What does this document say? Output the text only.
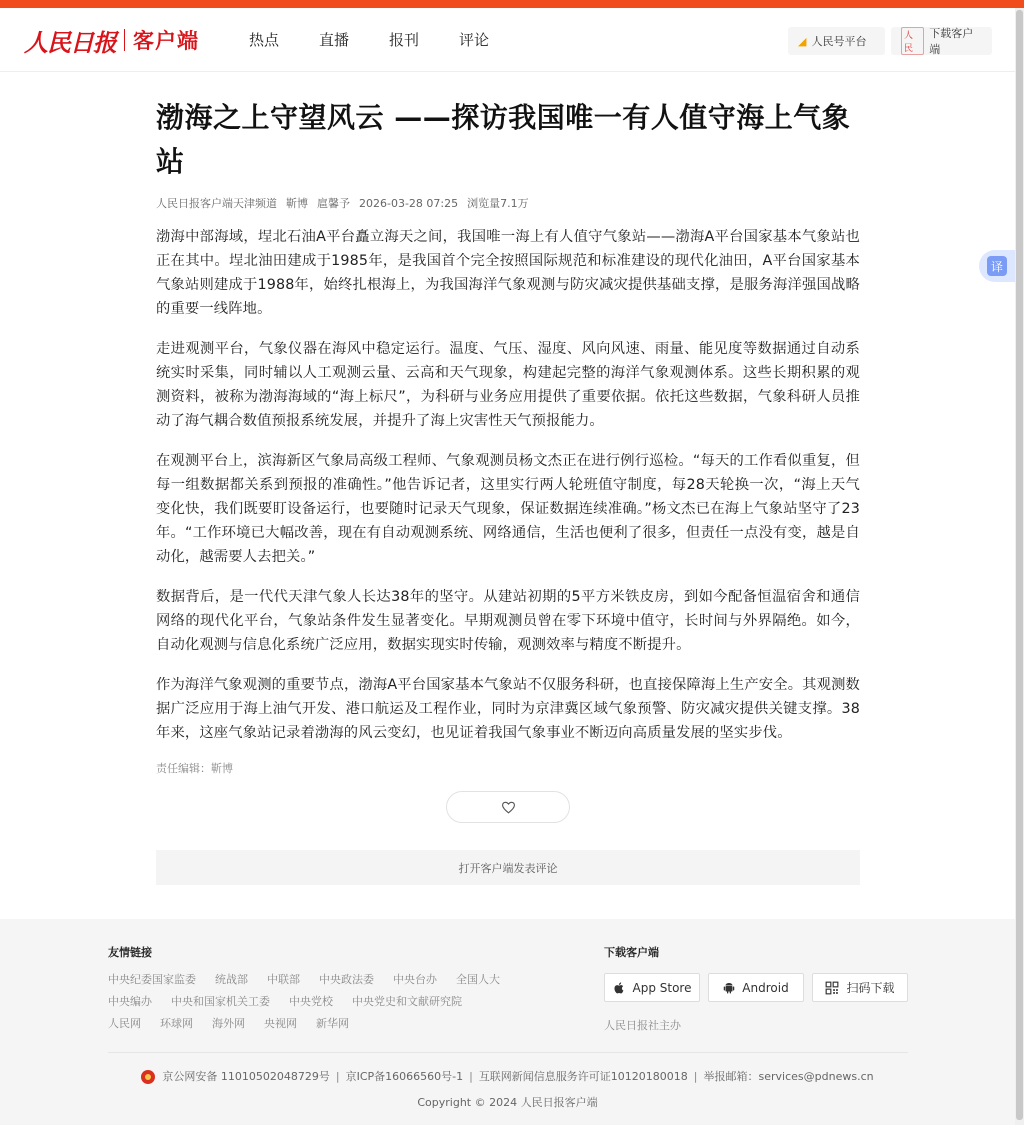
人民日报 客户端	热点	直播	报刊	评论	◢ 人民号平台	人民
下载客户端
译
渤海之上守望风云 ——探访我国唯一有人值守海上气象站
人民日报客户端天津频道 靳博 扈馨予 2026-03-28 07:25 浏览量7.1万

渤海中部海域，埕北石油A平台矗立海天之间，我国唯一海上有人值守气象站——渤海A平台国家基本气象站也正在其中。埕北油田建成于1985年，是我国首个完全按照国际规范和标准建设的现代化油田，A平台国家基本气象站则建成于1988年，始终扎根海上，为我国海洋气象观测与防灾减灾提供基础支撑，是服务海洋强国战略的重要一线阵地。

走进观测平台，气象仪器在海风中稳定运行。温度、气压、湿度、风向风速、雨量、能见度等数据通过自动系统实时采集，同时辅以人工观测云量、云高和天气现象，构建起完整的海洋气象观测体系。这些长期积累的观测资料，被称为渤海海域的“海上标尺”，为科研与业务应用提供了重要依据。依托这些数据，气象科研人员推动了海气耦合数值预报系统发展，并提升了海上灾害性天气预报能力。

在观测平台上，滨海新区气象局高级工程师、气象观测员杨文杰正在进行例行巡检。“每天的工作看似重复，但每一组数据都关系到预报的准确性。”他告诉记者，这里实行两人轮班值守制度，每28天轮换一次，“海上天气变化快，我们既要盯设备运行，也要随时记录天气现象，保证数据连续准确。”杨文杰已在海上气象站坚守了23年。“工作环境已大幅改善，现在有自动观测系统、网络通信，生活也便利了很多，但责任一点没有变，越是自动化，越需要人去把关。”

数据背后，是一代代天津气象人长达38年的坚守。从建站初期的5平方米铁皮房，到如今配备恒温宿舍和通信网络的现代化平台，气象站条件发生显著变化。早期观测员曾在零下环境中值守，长时间与外界隔绝。如今，自动化观测与信息化系统广泛应用，数据实现实时传输，观测效率与精度不断提升。

作为海洋气象观测的重要节点，渤海A平台国家基本气象站不仅服务科研，也直接保障海上生产安全。其观测数据广泛应用于海上油气开发、港口航运及工程作业，同时为京津冀区域气象预警、防灾减灾提供关键支撑。38年来，这座气象站记录着渤海的风云变幻，也见证着我国气象事业不断迈向高质量发展的坚实步伐。

责任编辑：靳博
打开客户端发表评论
友情链接
中央纪委国家监委 统战部 中联部 中央政法委 中央台办 全国人大
中央编办 中央和国家机关工委 中央党校 中央党史和文献研究院
人民网 环球网 海外网 央视网 新华网
下载客户端
App Store	Android	扫码下载
人民日报社主办
京公网安备 11010502048729号 | 京ICP备16066560号-1 | 互联网新闻信息服务许可证10120180018 | 举报邮箱：services@pdnews.cn
Copyright © 2024 人民日报客户端
